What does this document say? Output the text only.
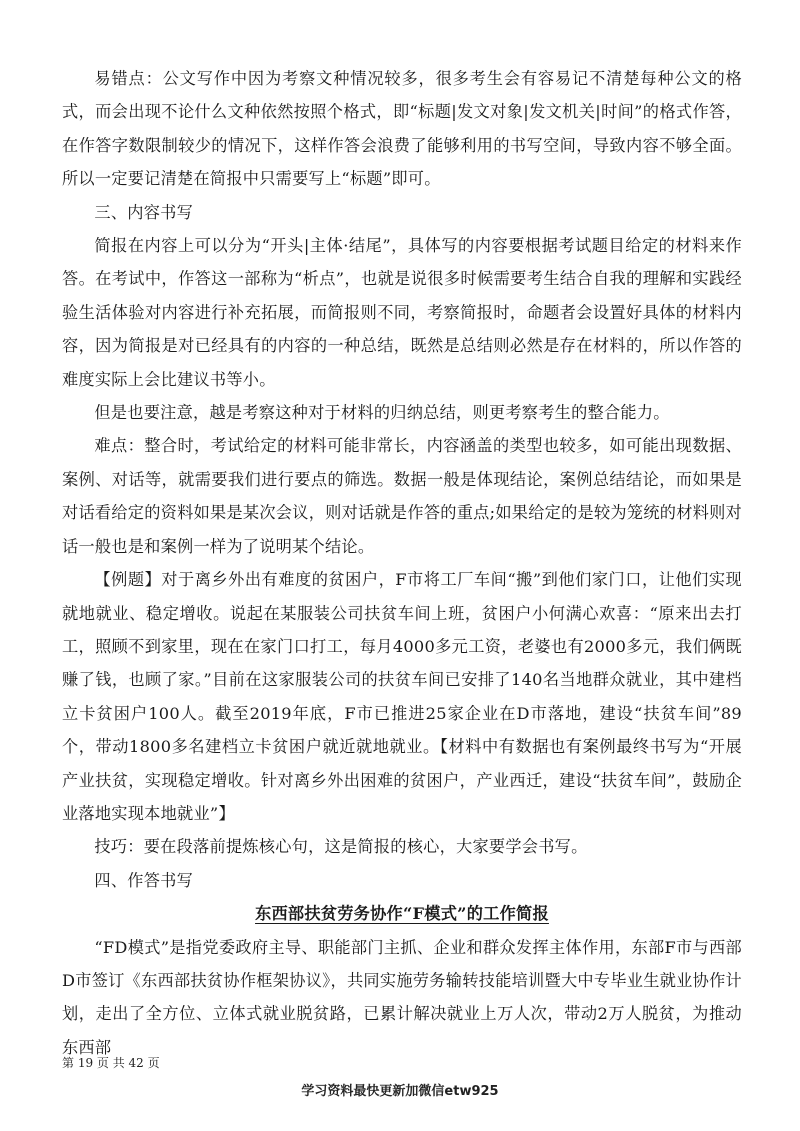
易错点：公文写作中因为考察文种情况较多，很多考生会有容易记不清楚每种公文的格式，而会出现不论什么文种依然按照个格式，即“标题|发文对象|发文机关|时间”的格式作答，在作答字数限制较少的情况下，这样作答会浪费了能够利用的书写空间，导致内容不够全面。所以一定要记清楚在简报中只需要写上“标题”即可。

三、内容书写

简报在内容上可以分为“开头|主体·结尾”，具体写的内容要根据考试题目给定的材料来作答。在考试中，作答这一部称为“析点”，也就是说很多时候需要考生结合自我的理解和实践经验生活体验对内容进行补充拓展，而简报则不同，考察简报时，命题者会设置好具体的材料内容，因为简报是对已经具有的内容的一种总结，既然是总结则必然是存在材料的，所以作答的难度实际上会比建议书等小。

但是也要注意，越是考察这种对于材料的归纳总结，则更考察考生的整合能力。

难点：整合时，考试给定的材料可能非常长，内容涵盖的类型也较多，如可能出现数据、案例、对话等，就需要我们进行要点的筛选。数据一般是体现结论，案例总结结论，而如果是对话看给定的资料如果是某次会议，则对话就是作答的重点;如果给定的是较为笼统的材料则对话一般也是和案例一样为了说明某个结论。

【例题】对于离乡外出有难度的贫困户，F市将工厂车间“搬”到他们家门口，让他们实现就地就业、稳定增收。说起在某服装公司扶贫车间上班，贫困户小何满心欢喜：“原来出去打工，照顾不到家里，现在在家门口打工，每月4000多元工资，老婆也有2000多元，我们俩既赚了钱，也顾了家。”目前在这家服装公司的扶贫车间已安排了140名当地群众就业，其中建档立卡贫困户100人。截至2019年底，F市已推进25家企业在D市落地，建设“扶贫车间”89个，带动1800多名建档立卡贫困户就近就地就业。【材料中有数据也有案例最终书写为“开展产业扶贫，实现稳定增收。针对离乡外出困难的贫困户，产业西迁，建设“扶贫车间”，鼓励企业落地实现本地就业”】

技巧：要在段落前提炼核心句，这是简报的核心，大家要学会书写。

四、作答书写

东西部扶贫劳务协作“F模式”的工作简报

“FD模式”是指党委政府主导、职能部门主抓、企业和群众发挥主体作用，东部F市与西部D市签订《东西部扶贫协作框架协议》，共同实施劳务输转技能培训暨大中专毕业生就业协作计划，走出了全方位、立体式就业脱贫路，已累计解决就业上万人次，带动2万人脱贫，为推动东西部

第 19 页 共 42 页
学习资料最快更新加微信etw925
